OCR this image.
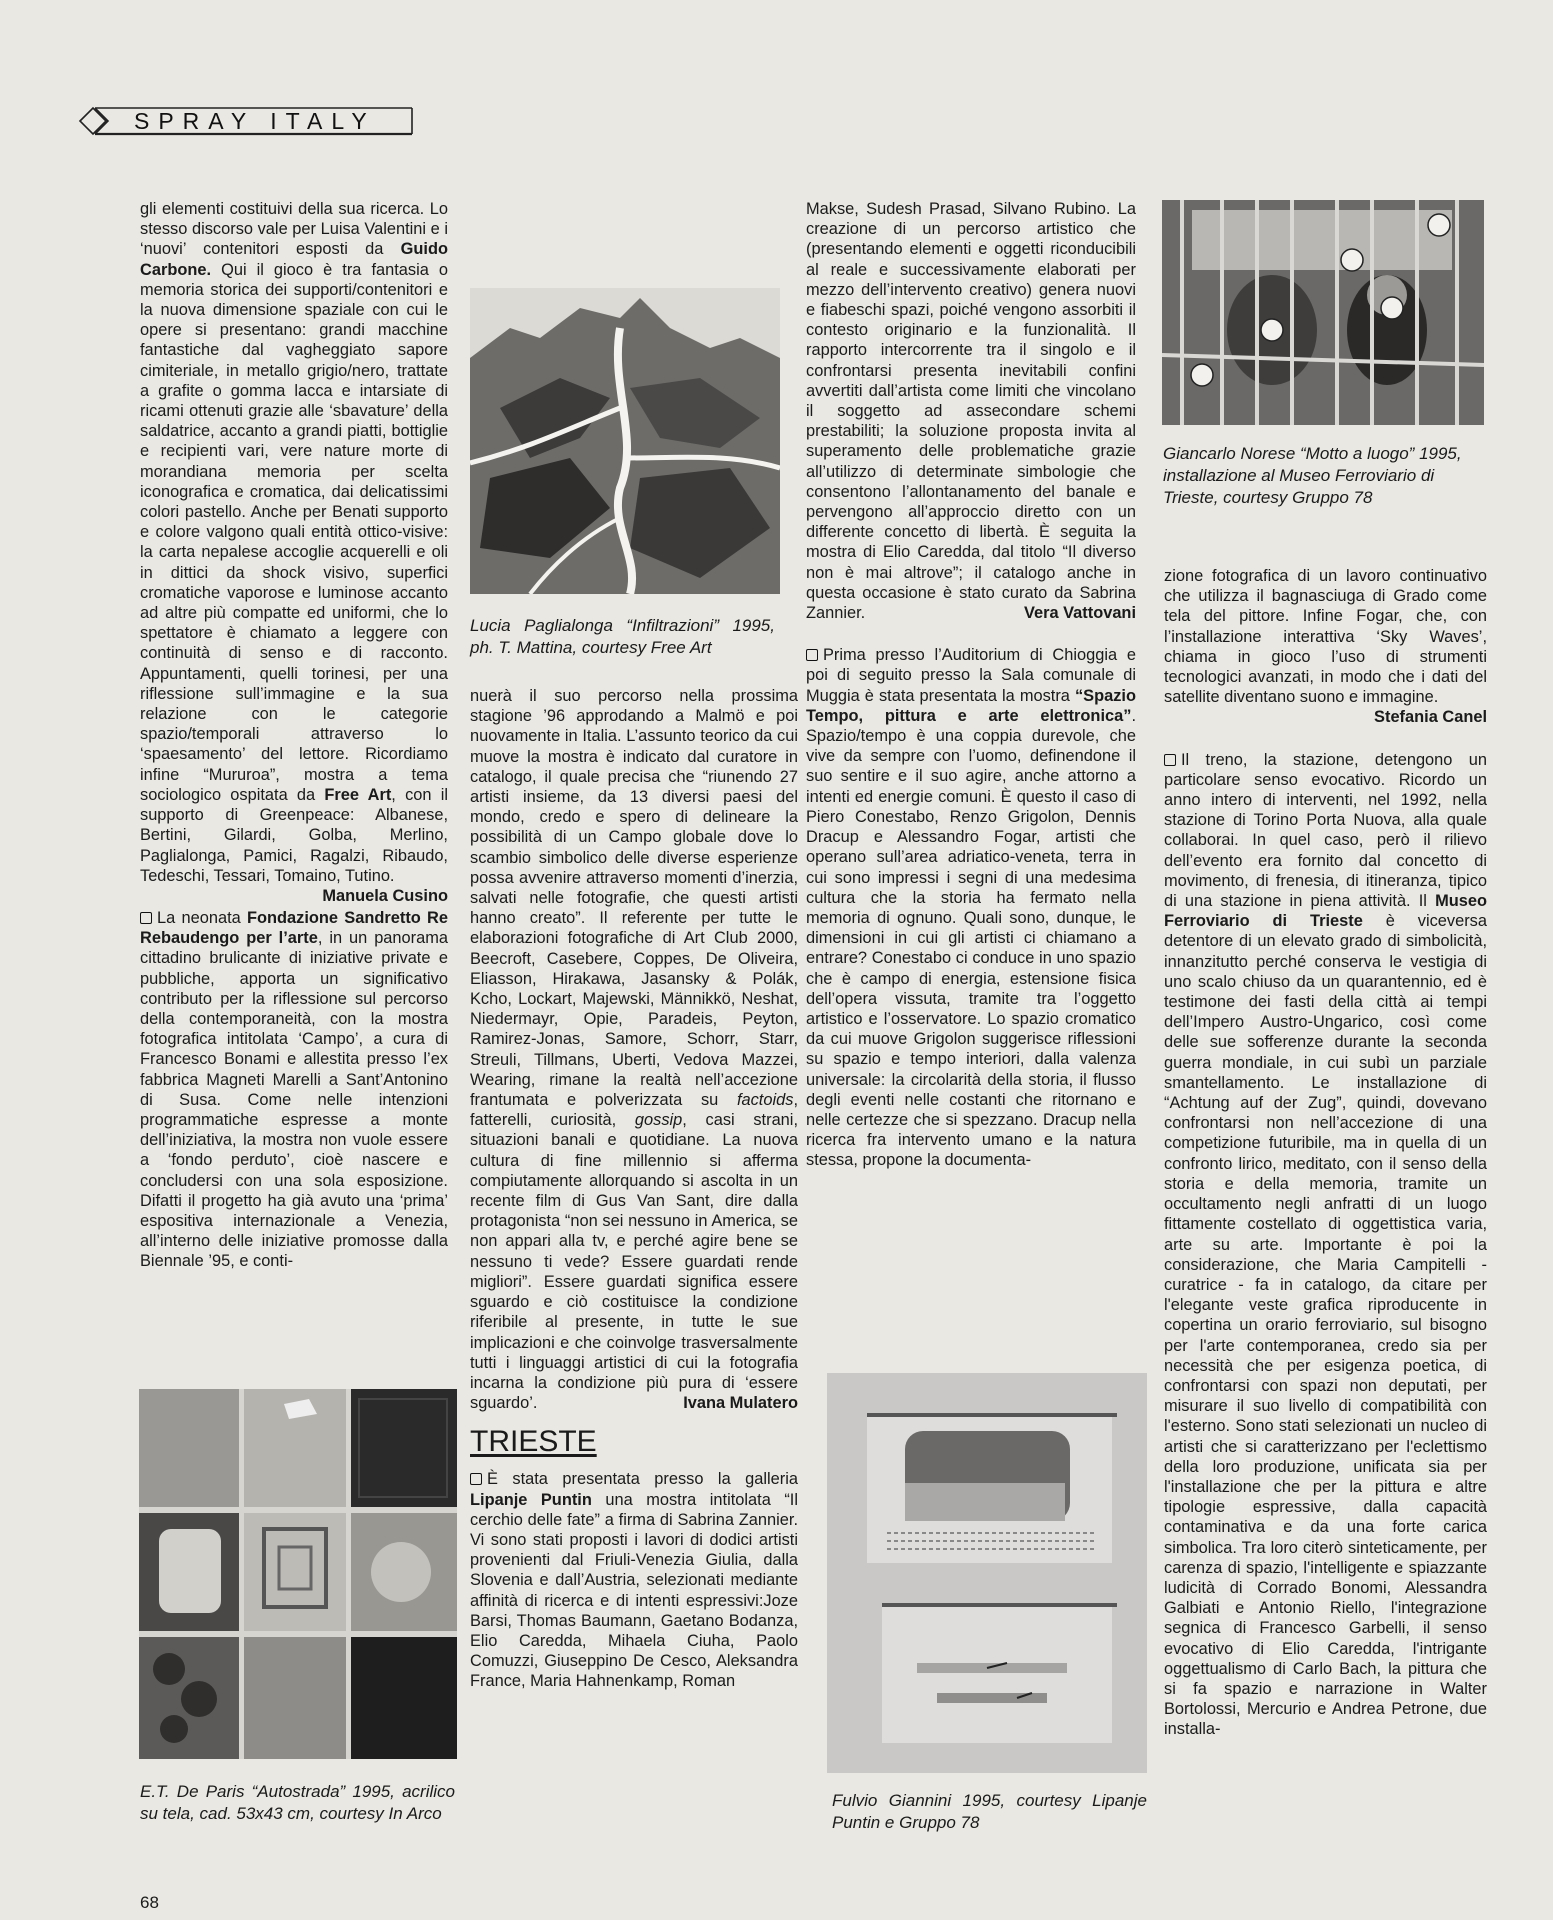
SPRAY ITALY

gli elementi costituivi della sua ricerca. Lo stesso discorso vale per Luisa Valentini e i ‘nuovi’ contenitori esposti da Guido Carbone. Qui il gioco è tra fantasia o memoria storica dei supporti/contenitori e la nuova dimensione spaziale con cui le opere si presentano: grandi macchine fantastiche dal vagheggiato sapore cimiteriale, in metallo grigio/nero, trattate a grafite o gomma lacca e intarsiate di ricami ottenuti grazie alle ‘sbavature’ della saldatrice, accanto a grandi piatti, bottiglie e recipienti vari, vere nature morte di morandiana memoria per scelta iconografica e cromatica, dai delicatissimi colori pastello. Anche per Benati supporto e colore valgono quali entità ottico-visive: la carta nepalese accoglie acquerelli e oli in dittici da shock visivo, superfici cromatiche vaporose e luminose accanto ad altre più compatte ed uniformi, che lo spettatore è chiamato a leggere con continuità di senso e di racconto. Appuntamenti, quelli torinesi, per una riflessione sull’immagine e la sua relazione con le categorie spazio/temporali attraverso lo ‘spaesamento’ del lettore. Ricordiamo infine “Mururoa”, mostra a tema sociologico ospitata da Free Art, con il supporto di Greenpeace: Albanese, Bertini, Gilardi, Golba, Merlino, Paglialonga, Pamici, Ragalzi, Ribaudo, Tedeschi, Tessari, Tomaino, Tutino.
Manuela Cusino

La neonata Fondazione Sandretto Re Rebaudengo per l’arte, in un panorama cittadino brulicante di iniziative private e pubbliche, apporta un significativo contributo per la riflessione sul percorso della contemporaneità, con la mostra fotografica intitolata ‘Campo’, a cura di Francesco Bonami e allestita presso l’ex fabbrica Magneti Marelli a Sant’Antonino di Susa. Come nelle intenzioni programmatiche espresse a monte dell’iniziativa, la mostra non vuole essere a ‘fondo perduto’, cioè nascere e concludersi con una sola esposizione. Difatti il progetto ha già avuto una ‘prima’ espositiva internazionale a Venezia, all’interno delle iniziative promosse dalla Biennale ’95, e conti-

E.T. De Paris “Autostrada” 1995, acrilico su tela, cad. 53x43 cm, courtesy In Arco
Lucia Paglialonga “Infiltrazioni” 1995, ph. T. Mattina, courtesy Free Art

nuerà il suo percorso nella prossima stagione ’96 approdando a Malmö e poi nuovamente in Italia. L’assunto teorico da cui muove la mostra è indicato dal curatore in catalogo, il quale precisa che “riunendo 27 artisti insieme, da 13 diversi paesi del mondo, credo e spero di delineare la possibilità di un Campo globale dove lo scambio simbolico delle diverse esperienze possa avvenire attraverso momenti d’inerzia, salvati nelle fotografie, che questi artisti hanno creato”. Il referente per tutte le elaborazioni fotografiche di Art Club 2000, Beecroft, Casebere, Coppes, De Oliveira, Eliasson, Hirakawa, Jasansky & Polák, Kcho, Lockart, Majewski, Männikkö, Neshat, Niedermayr, Opie, Paradeis, Peyton, Ramirez-Jonas, Samore, Schorr, Starr, Streuli, Tillmans, Uberti, Vedova Mazzei, Wearing, rimane la realtà nell’accezione frantumata e polverizzata su factoids, fatterelli, curiosità, gossip, casi strani, situazioni banali e quotidiane. La nuova cultura di fine millennio si afferma compiutamente allorquando si ascolta in un recente film di Gus Van Sant, dire dalla protagonista “non sei nessuno in America, se non appari alla tv, e perché agire bene se nessuno ti vede? Essere guardati rende migliori”. Essere guardati significa essere sguardo e ciò costituisce la condizione riferibile al presente, in tutte le sue implicazioni e che coinvolge trasversalmente tutti i linguaggi artistici di cui la fotografia incarna la condizione più pura di ‘essere sguardo’.	Ivana Mulatero

TRIESTE

È stata presentata presso la galleria Lipanje Puntin una mostra intitolata “Il cerchio delle fate” a firma di Sabrina Zannier. Vi sono stati proposti i lavori di dodici artisti provenienti dal Friuli-Venezia Giulia, dalla Slovenia e dall’Austria, selezionati mediante affinità di ricerca e di intenti espressivi:Joze Barsi, Thomas Baumann, Gaetano Bodanza, Elio Caredda, Mihaela Ciuha, Paolo Comuzzi, Giuseppino De Cesco, Aleksandra France, Maria Hahnenkamp, Roman

Makse, Sudesh Prasad, Silvano Rubino. La creazione di un percorso artistico che (presentando elementi e oggetti riconducibili al reale e successivamente elaborati per mezzo dell’intervento creativo) genera nuovi e fiabeschi spazi, poiché vengono assorbiti il contesto originario e la funzionalità. Il rapporto intercorrente tra il singolo e il confrontarsi presenta inevitabili confini avvertiti dall’artista come limiti che vincolano il soggetto ad assecondare schemi prestabiliti; la soluzione proposta invita al superamento delle problematiche grazie all’utilizzo di determinate simbologie che consentono l’allontanamento del banale e pervengono all’approccio diretto con un differente concetto di libertà. È seguita la mostra di Elio Caredda, dal titolo “Il diverso non è mai altrove”; il catalogo anche in questa occasione è stato curato da Sabrina Zannier.	Vera Vattovani

Prima presso l’Auditorium di Chioggia e poi di seguito presso la Sala comunale di Muggia è stata presentata la mostra “Spazio Tempo, pittura e arte elettronica”. Spazio/tempo è una coppia durevole, che vive da sempre con l’uomo, definendone il suo sentire e il suo agire, anche attorno a intenti ed energie comuni. È questo il caso di Piero Conestabo, Renzo Grigolon, Dennis Dracup e Alessandro Fogar, artisti che operano sull’area adriatico-veneta, terra in cui sono impressi i segni di una medesima cultura che la storia ha fermato nella memoria di ognuno. Quali sono, dunque, le dimensioni in cui gli artisti ci chiamano a entrare? Conestabo ci conduce in uno spazio che è campo di energia, estensione fisica dell’opera vissuta, tramite tra l’oggetto artistico e l’osservatore. Lo spazio cromatico da cui muove Grigolon suggerisce riflessioni su spazio e tempo interiori, dalla valenza universale: la circolarità della storia, il flusso degli eventi nelle costanti che ritornano e nelle certezze che si spezzano. Dracup nella ricerca fra intervento umano e la natura stessa, propone la documenta-

Fulvio Giannini 1995, courtesy Lipanje Puntin e Gruppo 78
Giancarlo Norese “Motto a luogo” 1995, installazione al Museo Ferroviario di Trieste, courtesy Gruppo 78

zione fotografica di un lavoro continuativo che utilizza il bagnasciuga di Grado come tela del pittore. Infine Fogar, che, con l’installazione interattiva ‘Sky Waves’, chiama in gioco l’uso di strumenti tecnologici avanzati, in modo che i dati del satellite diventano suono e immagine.
Stefania Canel

Il treno, la stazione, detengono un particolare senso evocativo. Ricordo un anno intero di interventi, nel 1992, nella stazione di Torino Porta Nuova, alla quale collaborai. In quel caso, però il rilievo dell’evento era fornito dal concetto di movimento, di frenesia, di itineranza, tipico di una stazione in piena attività. Il Museo Ferroviario di Trieste è viceversa detentore di un elevato grado di simbolicità, innanzitutto perché conserva le vestigia di uno scalo chiuso da un quarantennio, ed è testimone dei fasti della città ai tempi dell’Impero Austro-Ungarico, così come delle sue sofferenze durante la seconda guerra mondiale, in cui subì un parziale smantellamento. Le installazione di “Achtung auf der Zug”, quindi, dovevano confrontarsi non nell’accezione di una competizione futuribile, ma in quella di un confronto lirico, meditato, con il senso della storia e della memoria, tramite un occultamento negli anfratti di un luogo fittamente costellato di oggettistica varia, arte su arte. Importante è poi la considerazione, che Maria Campitelli - curatrice - fa in catalogo, da citare per l'elegante veste grafica riproducente in copertina un orario ferroviario, sul bisogno per l'arte contemporanea, credo sia per necessità che per esigenza poetica, di confrontarsi con spazi non deputati, per misurare il suo livello di compatibilità con l'esterno. Sono stati selezionati un nucleo di artisti che si caratterizzano per l'eclettismo della loro produzione, unificata sia per l'installazione che per la pittura e altre tipologie espressive, dalla capacità contaminativa e da una forte carica simbolica. Tra loro citerò sinteticamente, per carenza di spazio, l'intelligente e spiazzante ludicità di Corrado Bonomi, Alessandra Galbiati e Antonio Riello, l'integrazione segnica di Francesco Garbelli, il senso evocativo di Elio Caredda, l'intrigante oggettualismo di Carlo Bach, la pittura che si fa spazio e narrazione in Walter Bortolossi, Mercurio e Andrea Petrone, due installa-

68
